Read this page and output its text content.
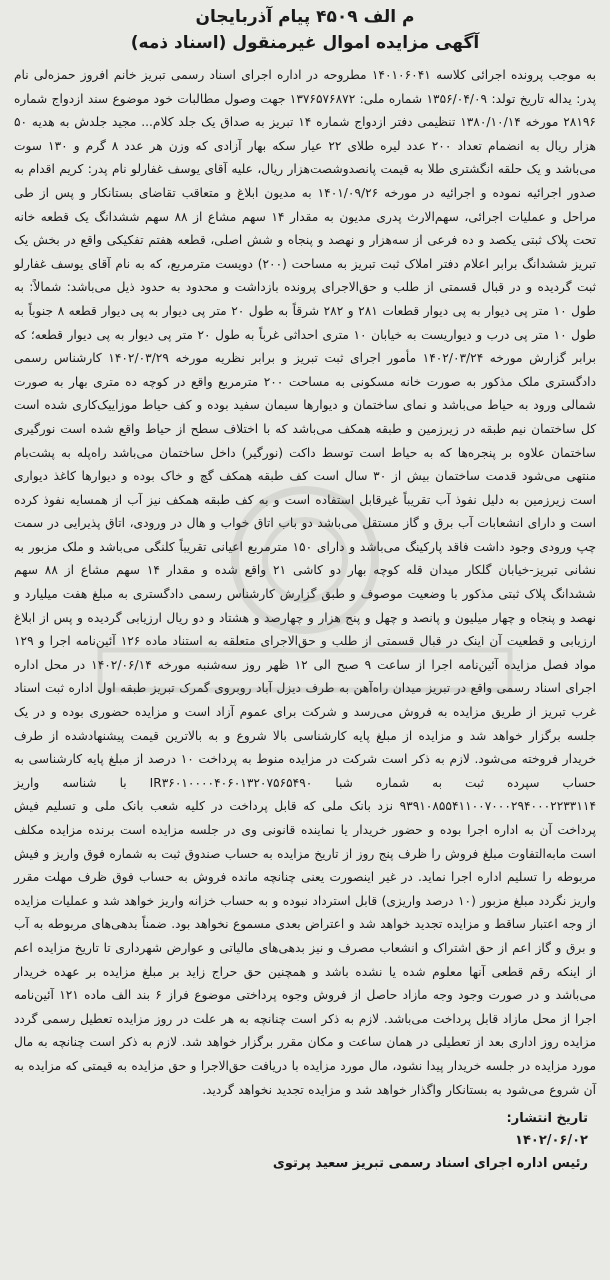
م الف ۴۵۰۹ پیام آذربایجان
آگهی مزایده اموال غیرمنقول (اسناد ذمه)
به موجب پرونده اجرائی کلاسه ۱۴۰۱۰۶۰۴۱ مطروحه در اداره اجرای اسناد رسمی تبریز خانم افروز حمزه‌لی نام پدر: یداله تاریخ تولد: ۱۳۵۶/۰۴/۰۹ شماره ملی: ۱۳۷۶۵۷۶۸۷۲ جهت وصول مطالبات خود موضوع سند ازدواج شماره ۲۸۱۹۶ مورخه ۱۳۸۰/۱۰/۱۴ تنظیمی دفتر ازدواج شماره ۱۴ تبریز به صداق یک جلد کلام... مجید جلدش به هدیه ۵۰ هزار ریال به انضمام تعداد ۲۰۰ عدد لیره طلای ۲۲ عیار سکه بهار آزادی که وزن هر عدد ۸ گرم و ۱۳۰ سوت می‌باشد و یک حلقه انگشتری طلا به قیمت پانصدوشصت‌هزار ریال، علیه آقای یوسف غفارلو نام پدر: کریم اقدام به صدور اجرائیه نموده و اجرائیه در مورخه ۱۴۰۱/۰۹/۲۶ به مدیون ابلاغ و متعاقب تقاضای بستانکار و پس از طی مراحل و عملیات اجرائی، سهم‌الارث پدری مدیون به مقدار ۱۴ سهم مشاع از ۸۸ سهم ششدانگ یک قطعه خانه تحت پلاک ثبتی یکصد و ده فرعی از سه‌هزار و نهصد و پنجاه و شش اصلی، قطعه هفتم تفکیکی واقع در بخش یک تبریز ششدانگ برابر اعلام دفتر املاک ثبت تبریز به مساحت (۲۰۰) دویست مترمربع، که به نام آقای یوسف غفارلو ثبت گردیده و در قبال قسمتی از طلب و حق‌الاجرای پرونده بازداشت و محدود به حدود ذیل می‌باشد: شمالاً: به طول ۱۰ متر پی دیوار به پی دیوار قطعات ۲۸۱ و ۲۸۲ شرقاً به طول ۲۰ متر پی دیوار به پی دیوار قطعه ۸ جنوباً به طول ۱۰ متر پی درب و دیواریست به خیابان ۱۰ متری احداثی غرباً به طول ۲۰ متر پی دیوار به پی دیوار قطعه؛ که برابر گزارش مورخه ۱۴۰۲/۰۳/۲۴ مأمور اجرای ثبت تبریز و برابر نظریه مورخه ۱۴۰۲/۰۳/۲۹ کارشناس رسمی دادگستری ملک مذکور به صورت خانه مسکونی به مساحت ۲۰۰ مترمربع واقع در کوچه ده متری بهار به صورت شمالی ورود به حیاط می‌باشد و نمای ساختمان و دیوارها سیمان سفید بوده و کف حیاط موزاییک‌کاری شده است کل ساختمان نیم طبقه در زیرزمین و طبقه همکف می‌باشد که با اختلاف سطح از حیاط واقع شده است نورگیری ساختمان علاوه بر پنجره‌ها که به حیاط است توسط داکت (نورگیر) داخل ساختمان می‌باشد راه‌پله به پشت‌بام منتهی می‌شود قدمت ساختمان بیش از ۳۰ سال است کف طبقه همکف گچ و خاک بوده و دیوارها کاغذ دیواری است زیرزمین به دلیل نفوذ آب تقریباً غیرقابل استفاده است و به کف طبقه همکف نیز آب از همسایه نفوذ کرده است و دارای انشعابات آب برق و گاز مستقل می‌باشد دو باب اتاق خواب و هال در ورودی، اتاق پذیرایی در سمت چپ ورودی وجود داشت فاقد پارکینگ می‌باشد و دارای ۱۵۰ مترمربع اعیانی تقریباً کلنگی می‌باشد و ملک مزبور به نشانی تبریز-خیابان گلکار میدان قله کوچه بهار دو کاشی ۲۱ واقع شده و مقدار ۱۴ سهم مشاع از ۸۸ سهم ششدانگ پلاک ثبتی مذکور با وضعیت موصوف و طبق گزارش کارشناس رسمی دادگستری به مبلغ هفت میلیارد و نهصد و پنجاه و چهار میلیون و پانصد و چهل و پنج هزار و چهارصد و هشتاد و دو ریال ارزیابی گردیده و پس از ابلاغ ارزیابی و قطعیت آن اینک در قبال قسمتی از طلب و حق‌الاجرای متعلقه به استناد ماده ۱۲۶ آئین‌نامه اجرا و ۱۲۹ مواد فصل مزایده آئین‌نامه اجرا از ساعت ۹ صبح الی ۱۲ ظهر روز سه‌شنبه مورخه ۱۴۰۲/۰۶/۱۴ در محل اداره اجرای اسناد رسمی واقع در تبریز میدان راه‌آهن به طرف دیزل آباد روبروی گمرک تبریز طبقه اول اداره ثبت اسناد غرب تبریز از طریق مزایده به فروش می‌رسد و شرکت برای عموم آزاد است و مزایده حضوری بوده و در یک جلسه برگزار خواهد شد و مزایده از مبلغ پایه کارشناسی بالا شروع و به بالاترین قیمت پیشنهادشده از طرف خریدار فروخته می‌شود. لازم به ذکر است شرکت در مزایده منوط به پرداخت ۱۰ درصد از مبلغ پایه کارشناسی به حساب سپرده ثبت به شماره شبا IR۳۶۰۱۰۰۰۰۴۰۶۰۱۳۲۰۷۵۶۵۴۹۰ با شناسه واریز ۹۳۹۱۰۸۵۵۴۱۱۰۰۷۰۰۰۲۹۴۰۰۰۲۲۳۳۱۱۴ نزد بانک ملی که قابل پرداخت در کلیه شعب بانک ملی و تسلیم فیش پرداخت آن به اداره اجرا بوده و حضور خریدار یا نماینده قانونی وی در جلسه مزایده است برنده مزایده مکلف است مابه‌التفاوت مبلغ فروش را ظرف پنج روز از تاریخ مزایده به حساب صندوق ثبت به شماره فوق واریز و فیش مربوطه را تسلیم اداره اجرا نماید. در غیر اینصورت یعنی چنانچه مانده فروش به حساب فوق ظرف مهلت مقرر واریز نگردد مبلغ مزبور (۱۰ درصد واریزی) قابل استرداد نبوده و به حساب خزانه واریز خواهد شد و عملیات مزایده از وجه اعتبار ساقط و مزایده تجدید خواهد شد و اعتراض بعدی مسموع نخواهد بود. ضمناً بدهی‌های مربوطه به آب و برق و گاز اعم از حق اشتراک و انشعاب مصرف و نیز بدهی‌های مالیاتی و عوارض شهرداری تا تاریخ مزایده اعم از اینکه رقم قطعی آنها معلوم شده یا نشده باشد و همچنین حق حراج زاید بر مبلغ مزایده بر عهده خریدار می‌باشد و در صورت وجود وجه مازاد حاصل از فروش وجوه پرداختی موضوع فراز ۶ بند الف ماده ۱۲۱ آئین‌نامه اجرا از محل مازاد قابل پرداخت می‌باشد. لازم به ذکر است چنانچه به هر علت در روز مزایده تعطیل رسمی گردد مزایده روز اداری بعد از تعطیلی در همان ساعت و مکان مقرر برگزار خواهد شد. لازم به ذکر است چنانچه به مال مورد مزایده در جلسه خریدار پیدا نشود، مال مورد مزایده با دریافت حق‌الاجرا و حق مزایده به قیمتی که مزایده به آن شروع می‌شود به بستانکار واگذار خواهد شد و مزایده تجدید نخواهد گردید.
تاریخ انتشار:
۱۴۰۲/۰۶/۰۲
رئیس اداره اجرای اسناد رسمی تبریز سعید پرتوی
